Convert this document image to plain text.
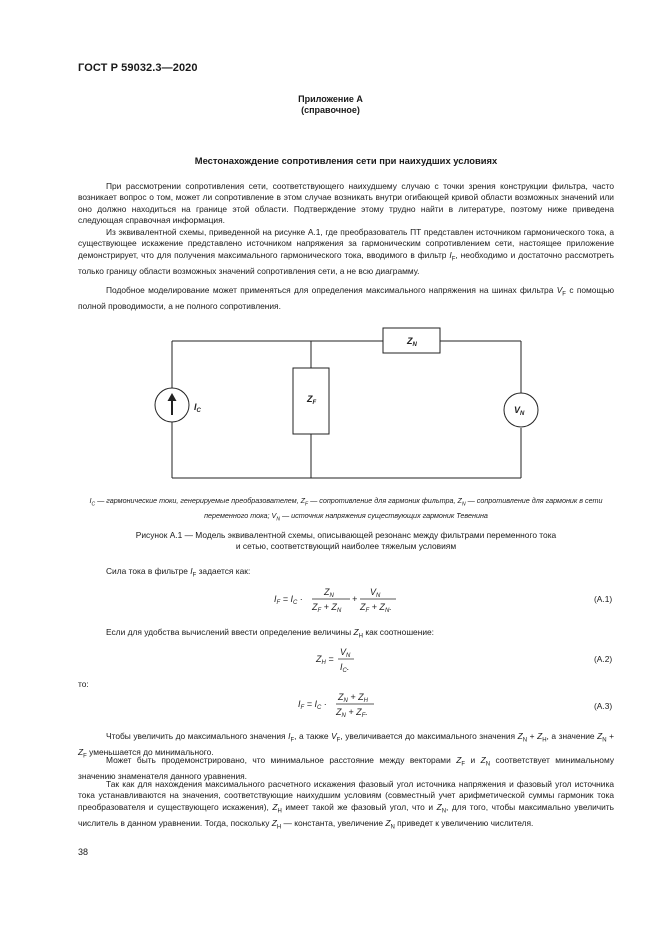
ГОСТ Р 59032.3—2020
Приложение А
(справочное)
Местонахождение сопротивления сети при наихудших условиях
При рассмотрении сопротивления сети, соответствующего наихудшему случаю с точки зрения конструкции фильтра, часто возникает вопрос о том, может ли сопротивление в этом случае возникать внутри огибающей кривой области возможных значений или оно должно находиться на границе этой области. Подтверждение этому трудно найти в литературе, поэтому ниже приведена следующая справочная информация.
Из эквивалентной схемы, приведенной на рисунке А.1, где преобразователь ПТ представлен источником гармонического тока, а существующее искажение представлено источником напряжения за гармоническим сопротивлением сети, настоящее приложение демонстрирует, что для получения максимального гармонического тока, вводимого в фильтр $I_F$, необходимо и достаточно рассмотреть только границу области возможных значений сопротивления сети, а не всю диаграмму.
Подобное моделирование может применяться для определения максимального напряжения на шинах фильтра $V_F$ с помощью полной проводимости, а не полного сопротивления.
$I_C$
$Z_F$
$Z_N$
$V_N$
$I_C$ — гармонические токи, генерируемые преобразователем, $Z_F$ — сопротивление для гармоник фильтра, $Z_N$ — сопротивление для гармоник в сети переменного тока; $V_N$ — источник напряжения существующих гармоник Тевенина
Рисунок А.1 — Модель эквивалентной схемы, описывающей резонанс между фильтрами переменного тока
и сетью, соответствующий наиболее тяжелым условиям
Сила тока в фильтре $I_F$ задается как:
$I_F = I_C$ ·
$Z_N$
$Z_F + Z_N$
+
$V_N$
$Z_F + Z_N$.
(А.1)
Если для удобства вычислений ввести определение величины $Z_H$ как соотношение:
$Z_H$ =
$V_N$
$I_C$.
(А.2)
то:
$I_F = I_C$ ·
$Z_N + Z_H$
$Z_N + Z_F$.
(А.3)
Чтобы увеличить до максимального значения $I_F$, а также $V_F$, увеличивается до максимального значения $Z_N + Z_H$, а значение $Z_N + Z_F$ уменьшается до минимального.
Может быть продемонстрировано, что минимальное расстояние между векторами $Z_F$ и $Z_N$ соответствует минимальному значению знаменателя данного уравнения.
Так как для нахождения максимального расчетного искажения фазовый угол источника напряжения и фазовый угол источника тока устанавливаются на значения, соответствующие наихудшим условиям (совместный учет арифметической суммы гармоник тока преобразователя и существующего искажения), $Z_H$ имеет такой же фазовый угол, что и $Z_N$, для того, чтобы максимально увеличить числитель в данном уравнении. Тогда, поскольку $Z_H$ — константа, увеличение $Z_N$ приведет к увеличению числителя.
38
